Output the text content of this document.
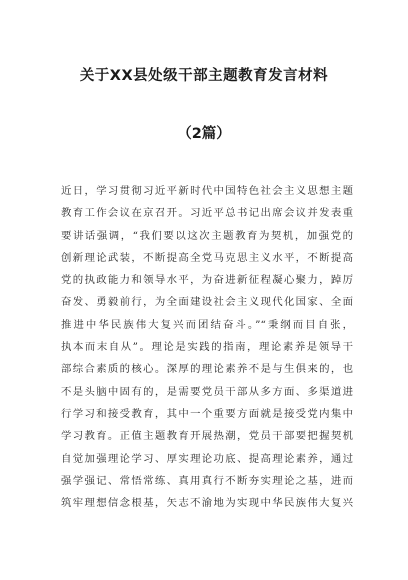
关于XX县处级干部主题教育发言材料
（2篇）
近日，学习贯彻习近平新时代中国特色社会主义思想主题
教育工作会议在京召开。习近平总书记出席会议并发表重
要讲话强调，“我们要以这次主题教育为契机，加强党的
创新理论武装，不断提高全党马克思主义水平，不断提高
党的执政能力和领导水平，为奋进新征程凝心聚力，踔厉
奋发、勇毅前行，为全面建设社会主义现代化国家、全面
推进中华民族伟大复兴而团结奋斗。”“秉纲而目自张，
执本而末自从”。理论是实践的指南，理论素养是领导干
部综合素质的核心。深厚的理论素养不是与生俱来的，也
不是头脑中固有的，是需要党员干部从多方面、多渠道进
行学习和接受教育，其中一个重要方面就是接受党内集中
学习教育。正值主题教育开展热潮，党员干部要把握契机
自觉加强理论学习、厚实理论功底、提高理论素养，通过
强学强记、常悟常练、真用真行不断夯实理论之基，进而
筑牢理想信念根基，矢志不渝地为实现中华民族伟大复兴
